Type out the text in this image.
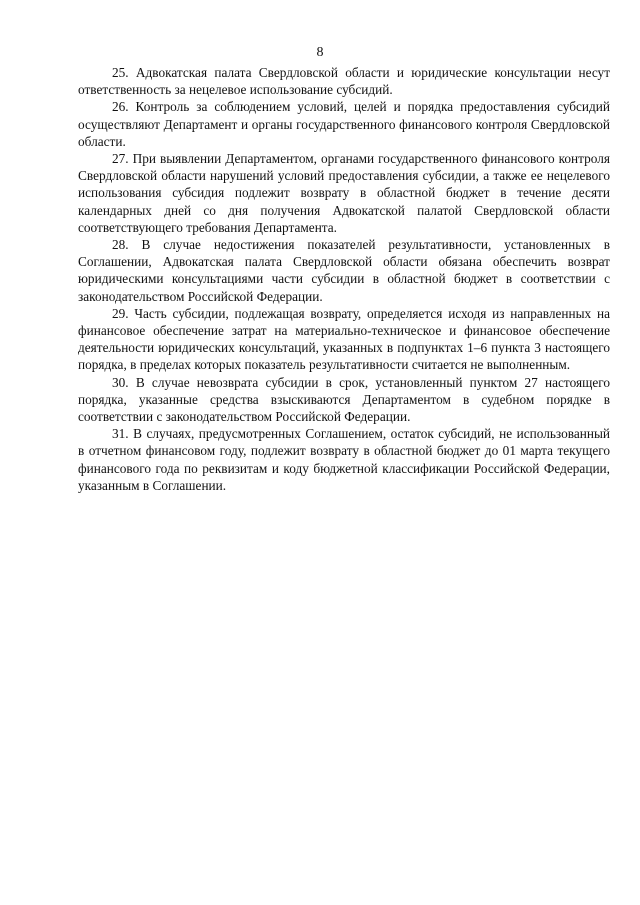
8

25. Адвокатская палата Свердловской области и юридические консультации несут ответственность за нецелевое использование субсидий.

26. Контроль за соблюдением условий, целей и порядка предоставления субсидий осуществляют Департамент и органы государственного финансового контроля Свердловской области.

27. При выявлении Департаментом, органами государственного финансового контроля Свердловской области нарушений условий предоставления субсидии, а также ее нецелевого использования субсидия подлежит возврату в областной бюджет в течение десяти календарных дней со дня получения Адвокатской палатой Свердловской области соответствующего требования Департамента.

28. В случае недостижения показателей результативности, установленных в Соглашении, Адвокатская палата Свердловской области обязана обеспечить возврат юридическими консультациями части субсидии в областной бюджет в соответствии с законодательством Российской Федерации.

29. Часть субсидии, подлежащая возврату, определяется исходя из направленных на финансовое обеспечение затрат на материально-техническое и финансовое обеспечение деятельности юридических консультаций, указанных в подпунктах 1–6 пункта 3 настоящего порядка, в пределах которых показатель результативности считается не выполненным.

30. В случае невозврата субсидии в срок, установленный пунктом 27 настоящего порядка, указанные средства взыскиваются Департаментом в судебном порядке в соответствии с законодательством Российской Федерации.

31. В случаях, предусмотренных Соглашением, остаток субсидий, не использованный в отчетном финансовом году, подлежит возврату в областной бюджет до 01 марта текущего финансового года по реквизитам и коду бюджетной классификации Российской Федерации, указанным в Соглашении.
